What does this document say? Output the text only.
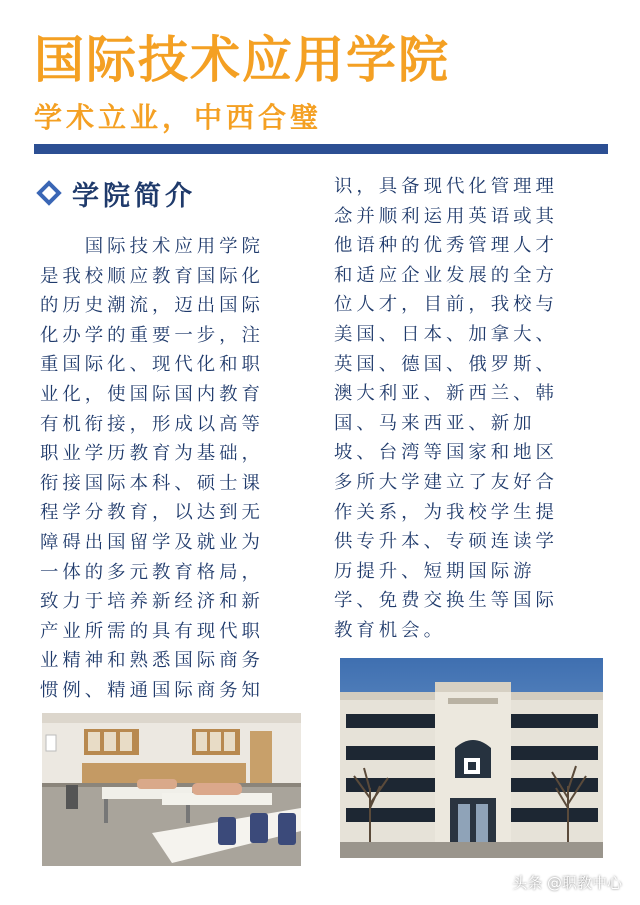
国际技术应用学院
学术立业，中西合璧
学院简介

　　国际技术应用学院

是我校顺应教育国际化

的历史潮流，迈出国际

化办学的重要一步，注

重国际化、现代化和职

业化，使国际国内教育

有机衔接，形成以高等

职业学历教育为基础，

衔接国际本科、硕士课

程学分教育，以达到无

障碍出国留学及就业为

一体的多元教育格局，

致力于培养新经济和新

产业所需的具有现代职

业精神和熟悉国际商务

惯例、精通国际商务知

识，具备现代化管理理

念并顺利运用英语或其

他语种的优秀管理人才

和适应企业发展的全方

位人才，目前，我校与

美国、日本、加拿大、

英国、德国、俄罗斯、

澳大利亚、新西兰、韩

国、马来西亚、新加

坡、台湾等国家和地区

多所大学建立了友好合

作关系，为我校学生提

供专升本、专硕连读学

历提升、短期国际游

学、免费交换生等国际

教育机会。

头条 @职教中心
